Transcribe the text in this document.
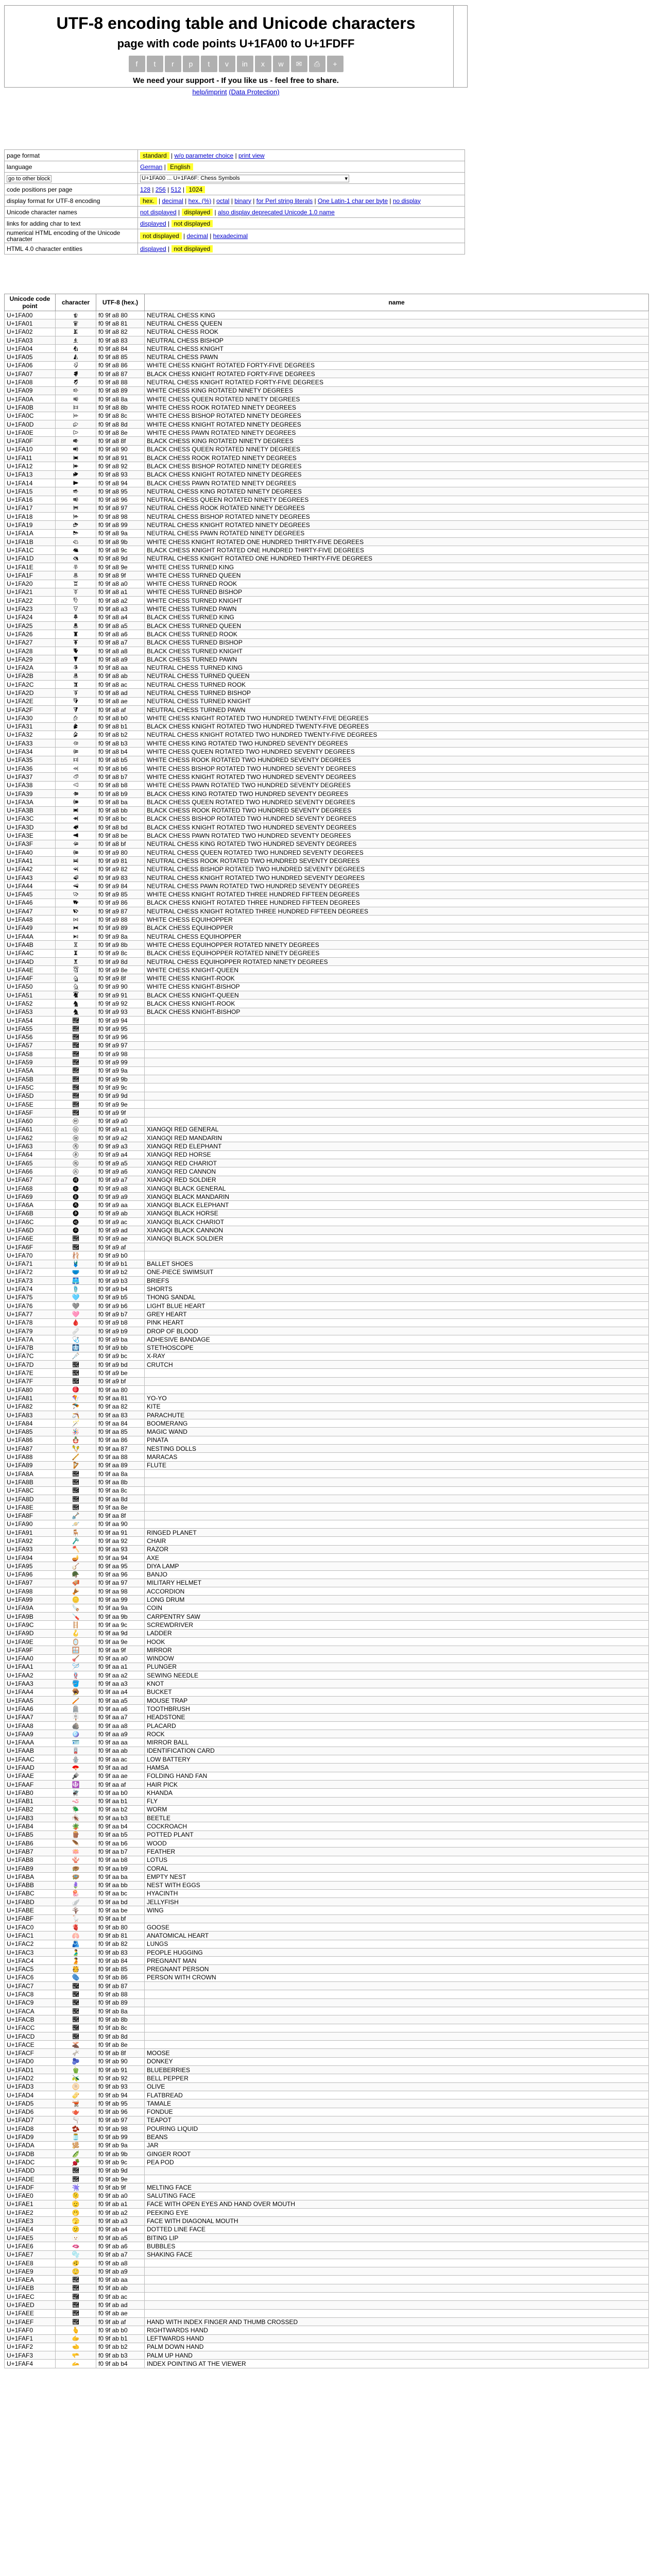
UTF-8 encoding table and Unicode characters
page with code points U+1FA00 to U+1FDFF
f	t	r	p	t	v	in	x	w	✉	⎙	+
We need your support - If you like us - feel free to share.
help/imprint (Data Protection)
page format	standard | w/o parameter choice | print view
language	German | English
go to other block	U+1FA00 ... U+1FA6F: Chess Symbols ▾

code positions per page	128 | 256 | 512 | 1024
display format for UTF-8 encoding	hex. | decimal | hex. (%) | octal | binary | for Perl string literals | One Latin-1 char per byte | no display
Unicode character names	not displayed | displayed | also display deprecated Unicode 1.0 name
links for adding char to text	displayed | not displayed
numerical HTML encoding of the Unicode character	not displayed | decimal | hexadecimal
HTML 4.0 character entities	displayed | not displayed
Unicode code point	character	UTF-8 (hex.)	name
U+1FA00	🨀	f0 9f a8 80	NEUTRAL CHESS KING
U+1FA01	🨁	f0 9f a8 81	NEUTRAL CHESS QUEEN
U+1FA02	🨂	f0 9f a8 82	NEUTRAL CHESS ROOK
U+1FA03	🨃	f0 9f a8 83	NEUTRAL CHESS BISHOP
U+1FA04	🨄	f0 9f a8 84	NEUTRAL CHESS KNIGHT
U+1FA05	🨅	f0 9f a8 85	NEUTRAL CHESS PAWN
U+1FA06	🨆	f0 9f a8 86	WHITE CHESS KNIGHT ROTATED FORTY-FIVE DEGREES
U+1FA07	🨇	f0 9f a8 87	BLACK CHESS KNIGHT ROTATED FORTY-FIVE DEGREES
U+1FA08	🨈	f0 9f a8 88	NEUTRAL CHESS KNIGHT ROTATED FORTY-FIVE DEGREES
U+1FA09	🨉	f0 9f a8 89	WHITE CHESS KING ROTATED NINETY DEGREES
U+1FA0A	🨊	f0 9f a8 8a	WHITE CHESS QUEEN ROTATED NINETY DEGREES
U+1FA0B	🨋	f0 9f a8 8b	WHITE CHESS ROOK ROTATED NINETY DEGREES
U+1FA0C	🨌	f0 9f a8 8c	WHITE CHESS BISHOP ROTATED NINETY DEGREES
U+1FA0D	🨍	f0 9f a8 8d	WHITE CHESS KNIGHT ROTATED NINETY DEGREES
U+1FA0E	🨎	f0 9f a8 8e	WHITE CHESS PAWN ROTATED NINETY DEGREES
U+1FA0F	🨏	f0 9f a8 8f	BLACK CHESS KING ROTATED NINETY DEGREES
U+1FA10	🨐	f0 9f a8 90	BLACK CHESS QUEEN ROTATED NINETY DEGREES
U+1FA11	🨑	f0 9f a8 91	BLACK CHESS ROOK ROTATED NINETY DEGREES
U+1FA12	🨒	f0 9f a8 92	BLACK CHESS BISHOP ROTATED NINETY DEGREES
U+1FA13	🨓	f0 9f a8 93	BLACK CHESS KNIGHT ROTATED NINETY DEGREES
U+1FA14	🨔	f0 9f a8 94	BLACK CHESS PAWN ROTATED NINETY DEGREES
U+1FA15	🨕	f0 9f a8 95	NEUTRAL CHESS KING ROTATED NINETY DEGREES
U+1FA16	🨖	f0 9f a8 96	NEUTRAL CHESS QUEEN ROTATED NINETY DEGREES
U+1FA17	🨗	f0 9f a8 97	NEUTRAL CHESS ROOK ROTATED NINETY DEGREES
U+1FA18	🨘	f0 9f a8 98	NEUTRAL CHESS BISHOP ROTATED NINETY DEGREES
U+1FA19	🨙	f0 9f a8 99	NEUTRAL CHESS KNIGHT ROTATED NINETY DEGREES
U+1FA1A	🨚	f0 9f a8 9a	NEUTRAL CHESS PAWN ROTATED NINETY DEGREES
U+1FA1B	🨛	f0 9f a8 9b	WHITE CHESS KNIGHT ROTATED ONE HUNDRED THIRTY-FIVE DEGREES
U+1FA1C	🨜	f0 9f a8 9c	BLACK CHESS KNIGHT ROTATED ONE HUNDRED THIRTY-FIVE DEGREES
U+1FA1D	🨝	f0 9f a8 9d	NEUTRAL CHESS KNIGHT ROTATED ONE HUNDRED THIRTY-FIVE DEGREES
U+1FA1E	🨞	f0 9f a8 9e	WHITE CHESS TURNED KING
U+1FA1F	🨟	f0 9f a8 9f	WHITE CHESS TURNED QUEEN
U+1FA20	🨠	f0 9f a8 a0	WHITE CHESS TURNED ROOK
U+1FA21	🨡	f0 9f a8 a1	WHITE CHESS TURNED BISHOP
U+1FA22	🨢	f0 9f a8 a2	WHITE CHESS TURNED KNIGHT
U+1FA23	🨣	f0 9f a8 a3	WHITE CHESS TURNED PAWN
U+1FA24	🨤	f0 9f a8 a4	BLACK CHESS TURNED KING
U+1FA25	🨥	f0 9f a8 a5	BLACK CHESS TURNED QUEEN
U+1FA26	🨦	f0 9f a8 a6	BLACK CHESS TURNED ROOK
U+1FA27	🨧	f0 9f a8 a7	BLACK CHESS TURNED BISHOP
U+1FA28	🨨	f0 9f a8 a8	BLACK CHESS TURNED KNIGHT
U+1FA29	🨩	f0 9f a8 a9	BLACK CHESS TURNED PAWN
U+1FA2A	🨪	f0 9f a8 aa	NEUTRAL CHESS TURNED KING
U+1FA2B	🨫	f0 9f a8 ab	NEUTRAL CHESS TURNED QUEEN
U+1FA2C	🨬	f0 9f a8 ac	NEUTRAL CHESS TURNED ROOK
U+1FA2D	🨭	f0 9f a8 ad	NEUTRAL CHESS TURNED BISHOP
U+1FA2E	🨮	f0 9f a8 ae	NEUTRAL CHESS TURNED KNIGHT
U+1FA2F	🨯	f0 9f a8 af	NEUTRAL CHESS TURNED PAWN
U+1FA30	🨰	f0 9f a8 b0	WHITE CHESS KNIGHT ROTATED TWO HUNDRED TWENTY-FIVE DEGREES
U+1FA31	🨱	f0 9f a8 b1	BLACK CHESS KNIGHT ROTATED TWO HUNDRED TWENTY-FIVE DEGREES
U+1FA32	🨲	f0 9f a8 b2	NEUTRAL CHESS KNIGHT ROTATED TWO HUNDRED TWENTY-FIVE DEGREES
U+1FA33	🨳	f0 9f a8 b3	WHITE CHESS KING ROTATED TWO HUNDRED SEVENTY DEGREES
U+1FA34	🨴	f0 9f a8 b4	WHITE CHESS QUEEN ROTATED TWO HUNDRED SEVENTY DEGREES
U+1FA35	🨵	f0 9f a8 b5	WHITE CHESS ROOK ROTATED TWO HUNDRED SEVENTY DEGREES
U+1FA36	🨶	f0 9f a8 b6	WHITE CHESS BISHOP ROTATED TWO HUNDRED SEVENTY DEGREES
U+1FA37	🨷	f0 9f a8 b7	WHITE CHESS KNIGHT ROTATED TWO HUNDRED SEVENTY DEGREES
U+1FA38	🨸	f0 9f a8 b8	WHITE CHESS PAWN ROTATED TWO HUNDRED SEVENTY DEGREES
U+1FA39	🨹	f0 9f a8 b9	BLACK CHESS KING ROTATED TWO HUNDRED SEVENTY DEGREES
U+1FA3A	🨺	f0 9f a8 ba	BLACK CHESS QUEEN ROTATED TWO HUNDRED SEVENTY DEGREES
U+1FA3B	🨻	f0 9f a8 bb	BLACK CHESS ROOK ROTATED TWO HUNDRED SEVENTY DEGREES
U+1FA3C	🨼	f0 9f a8 bc	BLACK CHESS BISHOP ROTATED TWO HUNDRED SEVENTY DEGREES
U+1FA3D	🨽	f0 9f a8 bd	BLACK CHESS KNIGHT ROTATED TWO HUNDRED SEVENTY DEGREES
U+1FA3E	🨾	f0 9f a8 be	BLACK CHESS PAWN ROTATED TWO HUNDRED SEVENTY DEGREES
U+1FA3F	🨿	f0 9f a8 bf	NEUTRAL CHESS KING ROTATED TWO HUNDRED SEVENTY DEGREES
U+1FA40	🩀	f0 9f a9 80	NEUTRAL CHESS QUEEN ROTATED TWO HUNDRED SEVENTY DEGREES
U+1FA41	🩁	f0 9f a9 81	NEUTRAL CHESS ROOK ROTATED TWO HUNDRED SEVENTY DEGREES
U+1FA42	🩂	f0 9f a9 82	NEUTRAL CHESS BISHOP ROTATED TWO HUNDRED SEVENTY DEGREES
U+1FA43	🩃	f0 9f a9 83	NEUTRAL CHESS KNIGHT ROTATED TWO HUNDRED SEVENTY DEGREES
U+1FA44	🩄	f0 9f a9 84	NEUTRAL CHESS PAWN ROTATED TWO HUNDRED SEVENTY DEGREES
U+1FA45	🩅	f0 9f a9 85	WHITE CHESS KNIGHT ROTATED THREE HUNDRED FIFTEEN DEGREES
U+1FA46	🩆	f0 9f a9 86	BLACK CHESS KNIGHT ROTATED THREE HUNDRED FIFTEEN DEGREES
U+1FA47	🩇	f0 9f a9 87	NEUTRAL CHESS KNIGHT ROTATED THREE HUNDRED FIFTEEN DEGREES
U+1FA48	🩈	f0 9f a9 88	WHITE CHESS EQUIHOPPER
U+1FA49	🩉	f0 9f a9 89	BLACK CHESS EQUIHOPPER
U+1FA4A	🩊	f0 9f a9 8a	NEUTRAL CHESS EQUIHOPPER
U+1FA4B	🩋	f0 9f a9 8b	WHITE CHESS EQUIHOPPER ROTATED NINETY DEGREES
U+1FA4C	🩌	f0 9f a9 8c	BLACK CHESS EQUIHOPPER ROTATED NINETY DEGREES
U+1FA4D	🩍	f0 9f a9 8d	NEUTRAL CHESS EQUIHOPPER ROTATED NINETY DEGREES
U+1FA4E	🩎	f0 9f a9 8e	WHITE CHESS KNIGHT-QUEEN
U+1FA4F	🩏	f0 9f a9 8f	WHITE CHESS KNIGHT-ROOK
U+1FA50	🩐	f0 9f a9 90	WHITE CHESS KNIGHT-BISHOP
U+1FA51	🩑	f0 9f a9 91	BLACK CHESS KNIGHT-QUEEN
U+1FA52	🩒	f0 9f a9 92	BLACK CHESS KNIGHT-ROOK
U+1FA53	🩓	f0 9f a9 93	BLACK CHESS KNIGHT-BISHOP
U+1FA54	🩔	f0 9f a9 94	
U+1FA55	🩕	f0 9f a9 95	
U+1FA56	🩖	f0 9f a9 96	
U+1FA57	🩗	f0 9f a9 97	
U+1FA58	🩘	f0 9f a9 98	
U+1FA59	🩙	f0 9f a9 99	
U+1FA5A	🩚	f0 9f a9 9a	
U+1FA5B	🩛	f0 9f a9 9b	
U+1FA5C	🩜	f0 9f a9 9c	
U+1FA5D	🩝	f0 9f a9 9d	
U+1FA5E	🩞	f0 9f a9 9e	
U+1FA5F	🩟	f0 9f a9 9f	
U+1FA60	🩠	f0 9f a9 a0	
U+1FA61	🩡	f0 9f a9 a1	XIANGQI RED GENERAL
U+1FA62	🩢	f0 9f a9 a2	XIANGQI RED MANDARIN
U+1FA63	🩣	f0 9f a9 a3	XIANGQI RED ELEPHANT
U+1FA64	🩤	f0 9f a9 a4	XIANGQI RED HORSE
U+1FA65	🩥	f0 9f a9 a5	XIANGQI RED CHARIOT
U+1FA66	🩦	f0 9f a9 a6	XIANGQI RED CANNON
U+1FA67	🩧	f0 9f a9 a7	XIANGQI RED SOLDIER
U+1FA68	🩨	f0 9f a9 a8	XIANGQI BLACK GENERAL
U+1FA69	🩩	f0 9f a9 a9	XIANGQI BLACK MANDARIN
U+1FA6A	🩪	f0 9f a9 aa	XIANGQI BLACK ELEPHANT
U+1FA6B	🩫	f0 9f a9 ab	XIANGQI BLACK HORSE
U+1FA6C	🩬	f0 9f a9 ac	XIANGQI BLACK CHARIOT
U+1FA6D	🩭	f0 9f a9 ad	XIANGQI BLACK CANNON
U+1FA6E	🩮	f0 9f a9 ae	XIANGQI BLACK SOLDIER
U+1FA6F	🩯	f0 9f a9 af	
U+1FA70	🩰	f0 9f a9 b0	
U+1FA71	🩱	f0 9f a9 b1	BALLET SHOES
U+1FA72	🩲	f0 9f a9 b2	ONE-PIECE SWIMSUIT
U+1FA73	🩳	f0 9f a9 b3	BRIEFS
U+1FA74	🩴	f0 9f a9 b4	SHORTS
U+1FA75	🩵	f0 9f a9 b5	THONG SANDAL
U+1FA76	🩶	f0 9f a9 b6	LIGHT BLUE HEART
U+1FA77	🩷	f0 9f a9 b7	GREY HEART
U+1FA78	🩸	f0 9f a9 b8	PINK HEART
U+1FA79	🩹	f0 9f a9 b9	DROP OF BLOOD
U+1FA7A	🩺	f0 9f a9 ba	ADHESIVE BANDAGE
U+1FA7B	🩻	f0 9f a9 bb	STETHOSCOPE
U+1FA7C	🩼	f0 9f a9 bc	X-RAY
U+1FA7D	🩽	f0 9f a9 bd	CRUTCH
U+1FA7E	🩾	f0 9f a9 be	
U+1FA7F	🩿	f0 9f a9 bf	
U+1FA80	🪀	f0 9f aa 80	
U+1FA81	🪁	f0 9f aa 81	YO-YO
U+1FA82	🪂	f0 9f aa 82	KITE
U+1FA83	🪃	f0 9f aa 83	PARACHUTE
U+1FA84	🪄	f0 9f aa 84	BOOMERANG
U+1FA85	🪅	f0 9f aa 85	MAGIC WAND
U+1FA86	🪆	f0 9f aa 86	PINATA
U+1FA87	🪇	f0 9f aa 87	NESTING DOLLS
U+1FA88	🪈	f0 9f aa 88	MARACAS
U+1FA89	🪉	f0 9f aa 89	FLUTE
U+1FA8A	🪊	f0 9f aa 8a	
U+1FA8B	🪋	f0 9f aa 8b	
U+1FA8C	🪌	f0 9f aa 8c	
U+1FA8D	🪍	f0 9f aa 8d	
U+1FA8E	🪎	f0 9f aa 8e	
U+1FA8F	🪏	f0 9f aa 8f	
U+1FA90	🪐	f0 9f aa 90	
U+1FA91	🪑	f0 9f aa 91	RINGED PLANET
U+1FA92	🪒	f0 9f aa 92	CHAIR
U+1FA93	🪓	f0 9f aa 93	RAZOR
U+1FA94	🪔	f0 9f aa 94	AXE
U+1FA95	🪕	f0 9f aa 95	DIYA LAMP
U+1FA96	🪖	f0 9f aa 96	BANJO
U+1FA97	🪗	f0 9f aa 97	MILITARY HELMET
U+1FA98	🪘	f0 9f aa 98	ACCORDION
U+1FA99	🪙	f0 9f aa 99	LONG DRUM
U+1FA9A	🪚	f0 9f aa 9a	COIN
U+1FA9B	🪛	f0 9f aa 9b	CARPENTRY SAW
U+1FA9C	🪜	f0 9f aa 9c	SCREWDRIVER
U+1FA9D	🪝	f0 9f aa 9d	LADDER
U+1FA9E	🪞	f0 9f aa 9e	HOOK
U+1FA9F	🪟	f0 9f aa 9f	MIRROR
U+1FAA0	🪠	f0 9f aa a0	WINDOW
U+1FAA1	🪡	f0 9f aa a1	PLUNGER
U+1FAA2	🪢	f0 9f aa a2	SEWING NEEDLE
U+1FAA3	🪣	f0 9f aa a3	KNOT
U+1FAA4	🪤	f0 9f aa a4	BUCKET
U+1FAA5	🪥	f0 9f aa a5	MOUSE TRAP
U+1FAA6	🪦	f0 9f aa a6	TOOTHBRUSH
U+1FAA7	🪧	f0 9f aa a7	HEADSTONE
U+1FAA8	🪨	f0 9f aa a8	PLACARD
U+1FAA9	🪩	f0 9f aa a9	ROCK
U+1FAAA	🪪	f0 9f aa aa	MIRROR BALL
U+1FAAB	🪫	f0 9f aa ab	IDENTIFICATION CARD
U+1FAAC	🪬	f0 9f aa ac	LOW BATTERY
U+1FAAD	🪭	f0 9f aa ad	HAMSA
U+1FAAE	🪮	f0 9f aa ae	FOLDING HAND FAN
U+1FAAF	🪯	f0 9f aa af	HAIR PICK
U+1FAB0	🪰	f0 9f aa b0	KHANDA
U+1FAB1	🪱	f0 9f aa b1	FLY
U+1FAB2	🪲	f0 9f aa b2	WORM
U+1FAB3	🪳	f0 9f aa b3	BEETLE
U+1FAB4	🪴	f0 9f aa b4	COCKROACH
U+1FAB5	🪵	f0 9f aa b5	POTTED PLANT
U+1FAB6	🪶	f0 9f aa b6	WOOD
U+1FAB7	🪷	f0 9f aa b7	FEATHER
U+1FAB8	🪸	f0 9f aa b8	LOTUS
U+1FAB9	🪹	f0 9f aa b9	CORAL
U+1FABA	🪺	f0 9f aa ba	EMPTY NEST
U+1FABB	🪻	f0 9f aa bb	NEST WITH EGGS
U+1FABC	🪼	f0 9f aa bc	HYACINTH
U+1FABD	🪽	f0 9f aa bd	JELLYFISH
U+1FABE	🪾	f0 9f aa be	WING
U+1FABF	🪿	f0 9f aa bf	
U+1FAC0	🫀	f0 9f ab 80	GOOSE
U+1FAC1	🫁	f0 9f ab 81	ANATOMICAL HEART
U+1FAC2	🫂	f0 9f ab 82	LUNGS
U+1FAC3	🫃	f0 9f ab 83	PEOPLE HUGGING
U+1FAC4	🫄	f0 9f ab 84	PREGNANT MAN
U+1FAC5	🫅	f0 9f ab 85	PREGNANT PERSON
U+1FAC6	🫆	f0 9f ab 86	PERSON WITH CROWN
U+1FAC7	🫇	f0 9f ab 87	
U+1FAC8	🫈	f0 9f ab 88	
U+1FAC9	🫉	f0 9f ab 89	
U+1FACA	🫊	f0 9f ab 8a	
U+1FACB	🫋	f0 9f ab 8b	
U+1FACC	🫌	f0 9f ab 8c	
U+1FACD	🫍	f0 9f ab 8d	
U+1FACE	🫎	f0 9f ab 8e	
U+1FACF	🫏	f0 9f ab 8f	MOOSE
U+1FAD0	🫐	f0 9f ab 90	DONKEY
U+1FAD1	🫑	f0 9f ab 91	BLUEBERRIES
U+1FAD2	🫒	f0 9f ab 92	BELL PEPPER
U+1FAD3	🫓	f0 9f ab 93	OLIVE
U+1FAD4	🫔	f0 9f ab 94	FLATBREAD
U+1FAD5	🫕	f0 9f ab 95	TAMALE
U+1FAD6	🫖	f0 9f ab 96	FONDUE
U+1FAD7	🫗	f0 9f ab 97	TEAPOT
U+1FAD8	🫘	f0 9f ab 98	POURING LIQUID
U+1FAD9	🫙	f0 9f ab 99	BEANS
U+1FADA	🫚	f0 9f ab 9a	JAR
U+1FADB	🫛	f0 9f ab 9b	GINGER ROOT
U+1FADC	🫜	f0 9f ab 9c	PEA POD
U+1FADD	🫝	f0 9f ab 9d	
U+1FADE	🫞	f0 9f ab 9e	
U+1FADF	🫟	f0 9f ab 9f	MELTING FACE
U+1FAE0	🫠	f0 9f ab a0	SALUTING FACE
U+1FAE1	🫡	f0 9f ab a1	FACE WITH OPEN EYES AND HAND OVER MOUTH
U+1FAE2	🫢	f0 9f ab a2	PEEKING EYE
U+1FAE3	🫣	f0 9f ab a3	FACE WITH DIAGONAL MOUTH
U+1FAE4	🫤	f0 9f ab a4	DOTTED LINE FACE
U+1FAE5	🫥	f0 9f ab a5	BITING LIP
U+1FAE6	🫦	f0 9f ab a6	BUBBLES
U+1FAE7	🫧	f0 9f ab a7	SHAKING FACE
U+1FAE8	🫨	f0 9f ab a8	
U+1FAE9	🫩	f0 9f ab a9	
U+1FAEA	🫪	f0 9f ab aa	
U+1FAEB	🫫	f0 9f ab ab	
U+1FAEC	🫬	f0 9f ab ac	
U+1FAED	🫭	f0 9f ab ad	
U+1FAEE	🫮	f0 9f ab ae	
U+1FAEF	🫯	f0 9f ab af	HAND WITH INDEX FINGER AND THUMB CROSSED
U+1FAF0	🫰	f0 9f ab b0	RIGHTWARDS HAND
U+1FAF1	🫱	f0 9f ab b1	LEFTWARDS HAND
U+1FAF2	🫲	f0 9f ab b2	PALM DOWN HAND
U+1FAF3	🫳	f0 9f ab b3	PALM UP HAND
U+1FAF4	🫴	f0 9f ab b4	INDEX POINTING AT THE VIEWER
